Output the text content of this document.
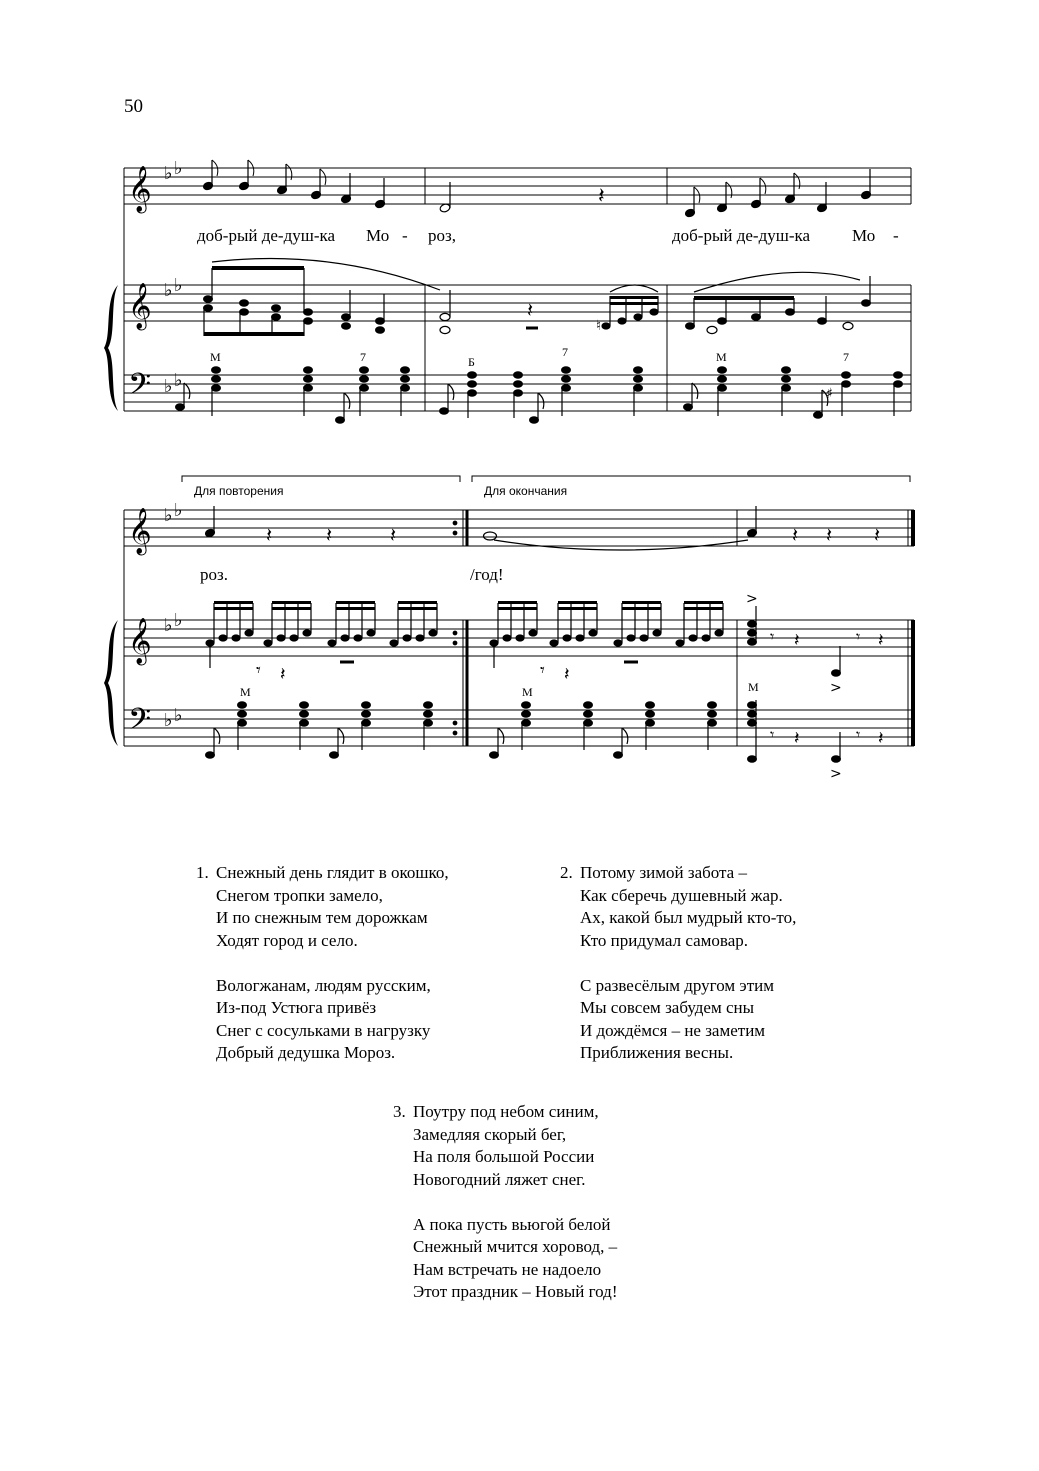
50
𝄞
𝄞
𝄢
𝄞
𝄞
𝄢
♭ ♭
♭ ♭
♭ ♭
♭ ♭
♭ ♭
♭ ♭
𝄽
𝄽
♮
♯
М	7	Б
7	М	7
доб-рый де-душ-ка Мо - роз,	доб-рый де-душ-ка Мо -
Для повторения	Для окончания
𝄽	𝄽	𝄽	𝄽 𝄽 𝄽
роз.	/год!
𝄾 𝄽	𝄾 𝄽
𝄾 𝄽	𝄾 𝄽
>
>
𝄾 𝄽	𝄾 𝄽
>
М	М	М
1. Снежный день глядит в окошко,
Снегом тропки замело,
И по снежным тем дорожкам
Ходят город и село.
Вологжанам, людям русским,
Из-под Устюга привёз
Снег с сосульками в нагрузку
Добрый дедушка Мороз.
2. Потому зимой забота –
Как сберечь душевный жар.
Ах, какой был мудрый кто-то,
Кто придумал самовар.
С развесёлым другом этим
Мы совсем забудем сны
И дождёмся – не заметим
Приближения весны.
3. Поутру под небом синим,
Замедляя скорый бег,
На поля большой России
Новогодний ляжет снег.
А пока пусть вьюгой белой
Снежный мчится хоровод, –
Нам встречать не надоело
Этот праздник – Новый год!
